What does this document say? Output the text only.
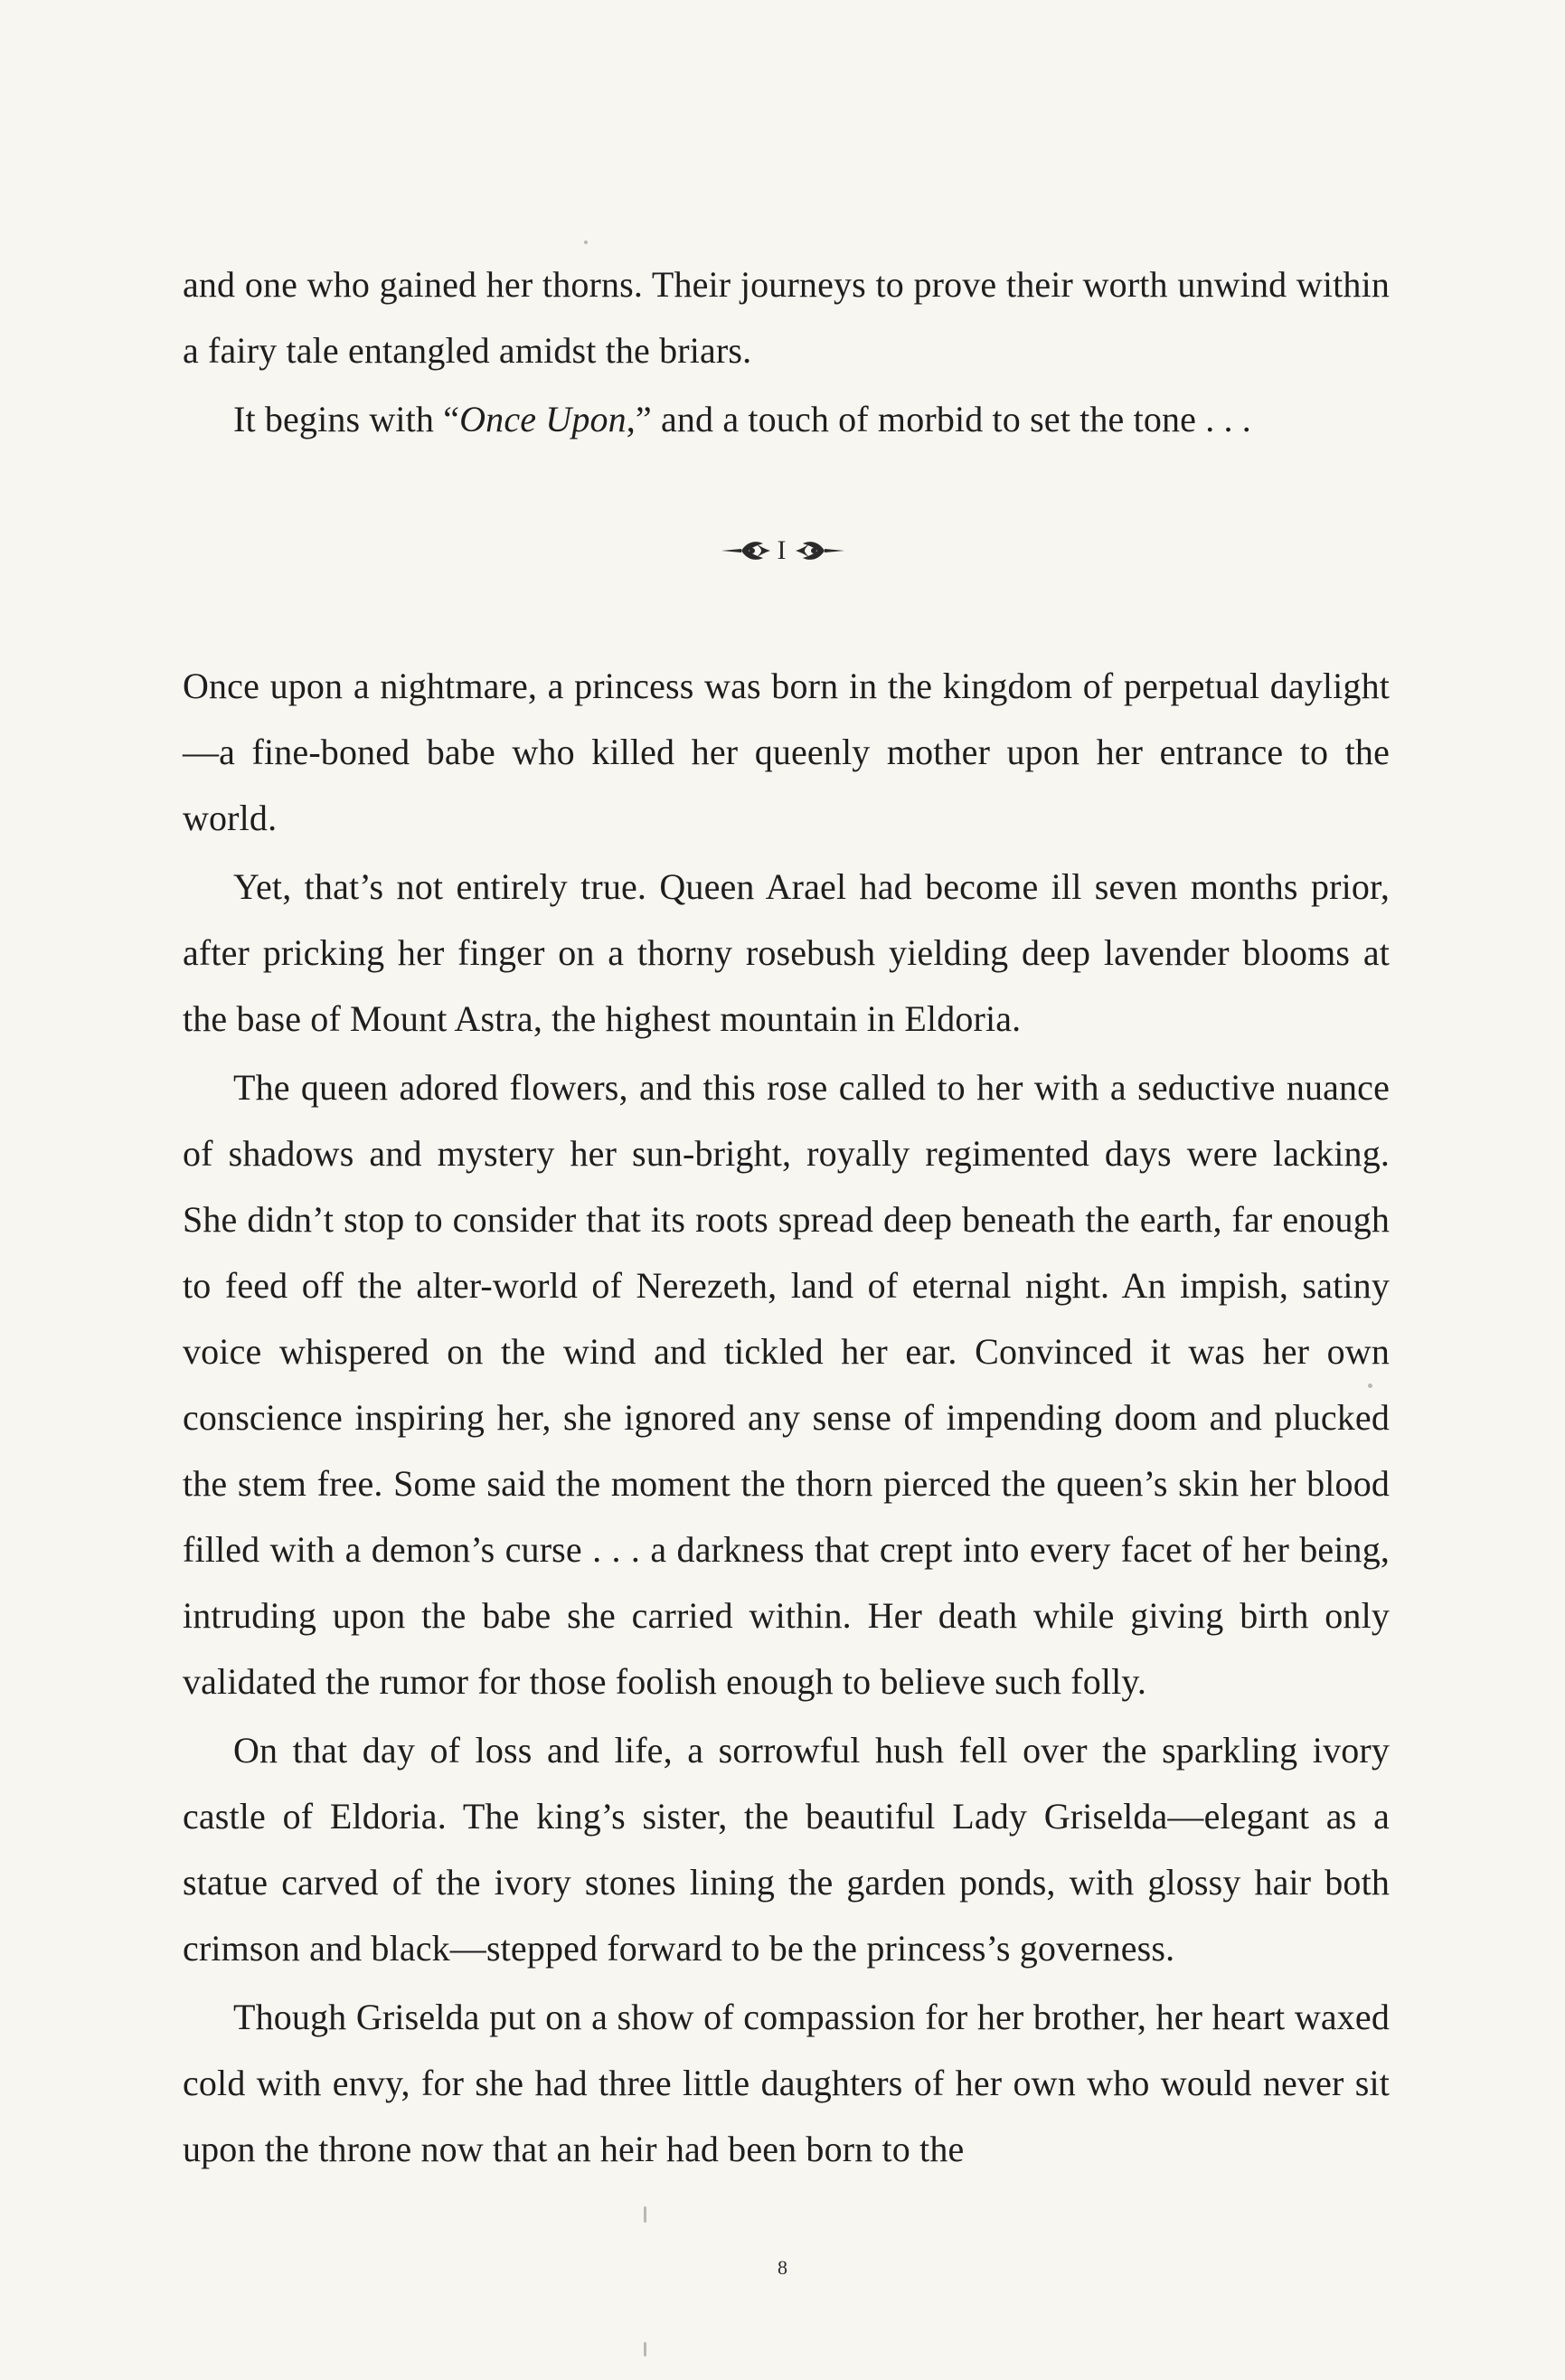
and one who gained her thorns. Their journeys to prove their worth unwind within a fairy tale entangled amidst the briars.

It begins with “Once Upon,” and a touch of morbid to set the tone . . .

I

Once upon a nightmare, a princess was born in the kingdom of perpetual daylight—a fine-boned babe who killed her queenly mother upon her entrance to the world.

Yet, that’s not entirely true. Queen Arael had become ill seven months prior, after pricking her finger on a thorny rosebush yielding deep lavender blooms at the base of Mount Astra, the highest mountain in Eldoria.

The queen adored flowers, and this rose called to her with a seductive nuance of shadows and mystery her sun-bright, royally regimented days were lacking. She didn’t stop to consider that its roots spread deep beneath the earth, far enough to feed off the alter-world of Nerezeth, land of eternal night. An impish, satiny voice whispered on the wind and tickled her ear. Convinced it was her own conscience inspiring her, she ignored any sense of impending doom and plucked the stem free. Some said the moment the thorn pierced the queen’s skin her blood filled with a demon’s curse . . . a darkness that crept into every facet of her being, intruding upon the babe she carried within. Her death while giving birth only validated the rumor for those foolish enough to believe such folly.

On that day of loss and life, a sorrowful hush fell over the sparkling ivory castle of Eldoria. The king’s sister, the beautiful Lady Griselda—elegant as a statue carved of the ivory stones lining the garden ponds, with glossy hair both crimson and black—stepped forward to be the princess’s governess.

Though Griselda put on a show of compassion for her brother, her heart waxed cold with envy, for she had three little daughters of her own who would never sit upon the throne now that an heir had been born to the

8
